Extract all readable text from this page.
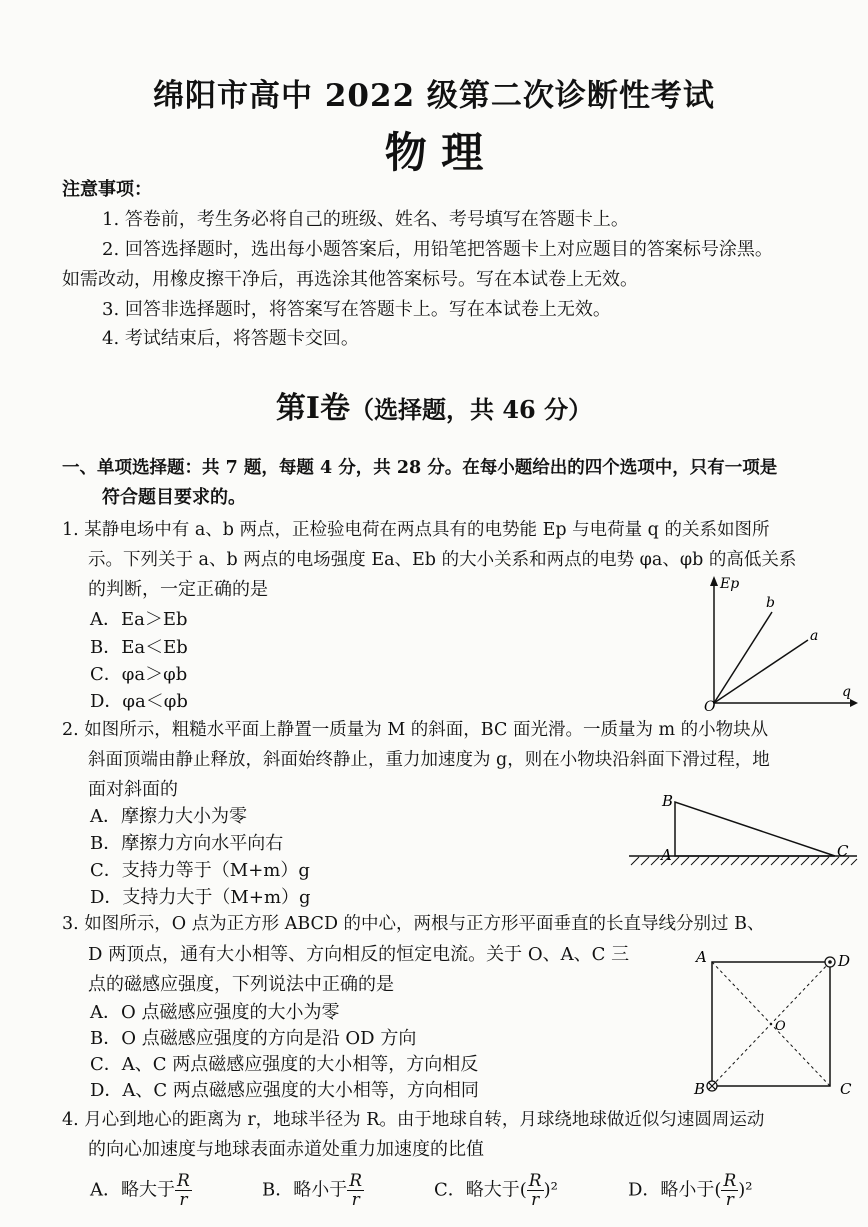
绵阳市高中 2022 级第二次诊断性考试
物 理
注意事项：
1. 答卷前，考生务必将自己的班级、姓名、考号填写在答题卡上。
2. 回答选择题时，选出每小题答案后，用铅笔把答题卡上对应题目的答案标号涂黑。
如需改动，用橡皮擦干净后，再选涂其他答案标号。写在本试卷上无效。
3. 回答非选择题时，将答案写在答题卡上。写在本试卷上无效。
4. 考试结束后，将答题卡交回。
第Ⅰ卷（选择题，共 46 分）
一、单项选择题：共 7 题，每题 4 分，共 28 分。在每小题给出的四个选项中，只有一项是
符合题目要求的。
1. 某静电场中有 a、b 两点，正检验电荷在两点具有的电势能 Ep 与电荷量 q 的关系如图所
示。下列关于 a、b 两点的电场强度 Ea、Eb 的大小关系和两点的电势 φa、φb 的高低关系
的判断，一定正确的是
A．Ea＞Eb
B．Ea＜Eb
C．φa＞φb
D．φa＜φb
Ep
q
O
b
a
2. 如图所示，粗糙水平面上静置一质量为 M 的斜面，BC 面光滑。一质量为 m 的小物块从
斜面顶端由静止释放，斜面始终静止，重力加速度为 g，则在小物块沿斜面下滑过程，地
面对斜面的
A．摩擦力大小为零
B．摩擦力方向水平向右
C．支持力等于（M+m）g
D．支持力大于（M+m）g
B
A	C
3. 如图所示，O 点为正方形 ABCD 的中心，两根与正方形平面垂直的长直导线分别过 B、
D 两顶点，通有大小相等、方向相反的恒定电流。关于 O、A、C 三
点的磁感应强度，下列说法中正确的是
A．O 点磁感应强度的大小为零
B．O 点磁感应强度的方向是沿 OD 方向
C．A、C 两点磁感应强度的大小相等，方向相反
D．A、C 两点磁感应强度的大小相等，方向相同
A	D
B	C
O
4. 月心到地心的距离为 r，地球半径为 R。由于地球自转，月球绕地球做近似匀速圆周运动
的向心加速度与地球表面赤道处重力加速度的比值
A．略大于 $\frac{R}{r}$	B．略小于 $\frac{R}{r}$	C．略大于( $\frac{R}{r} )^2$	D．略小于( $\frac{R}{r} )^2$
